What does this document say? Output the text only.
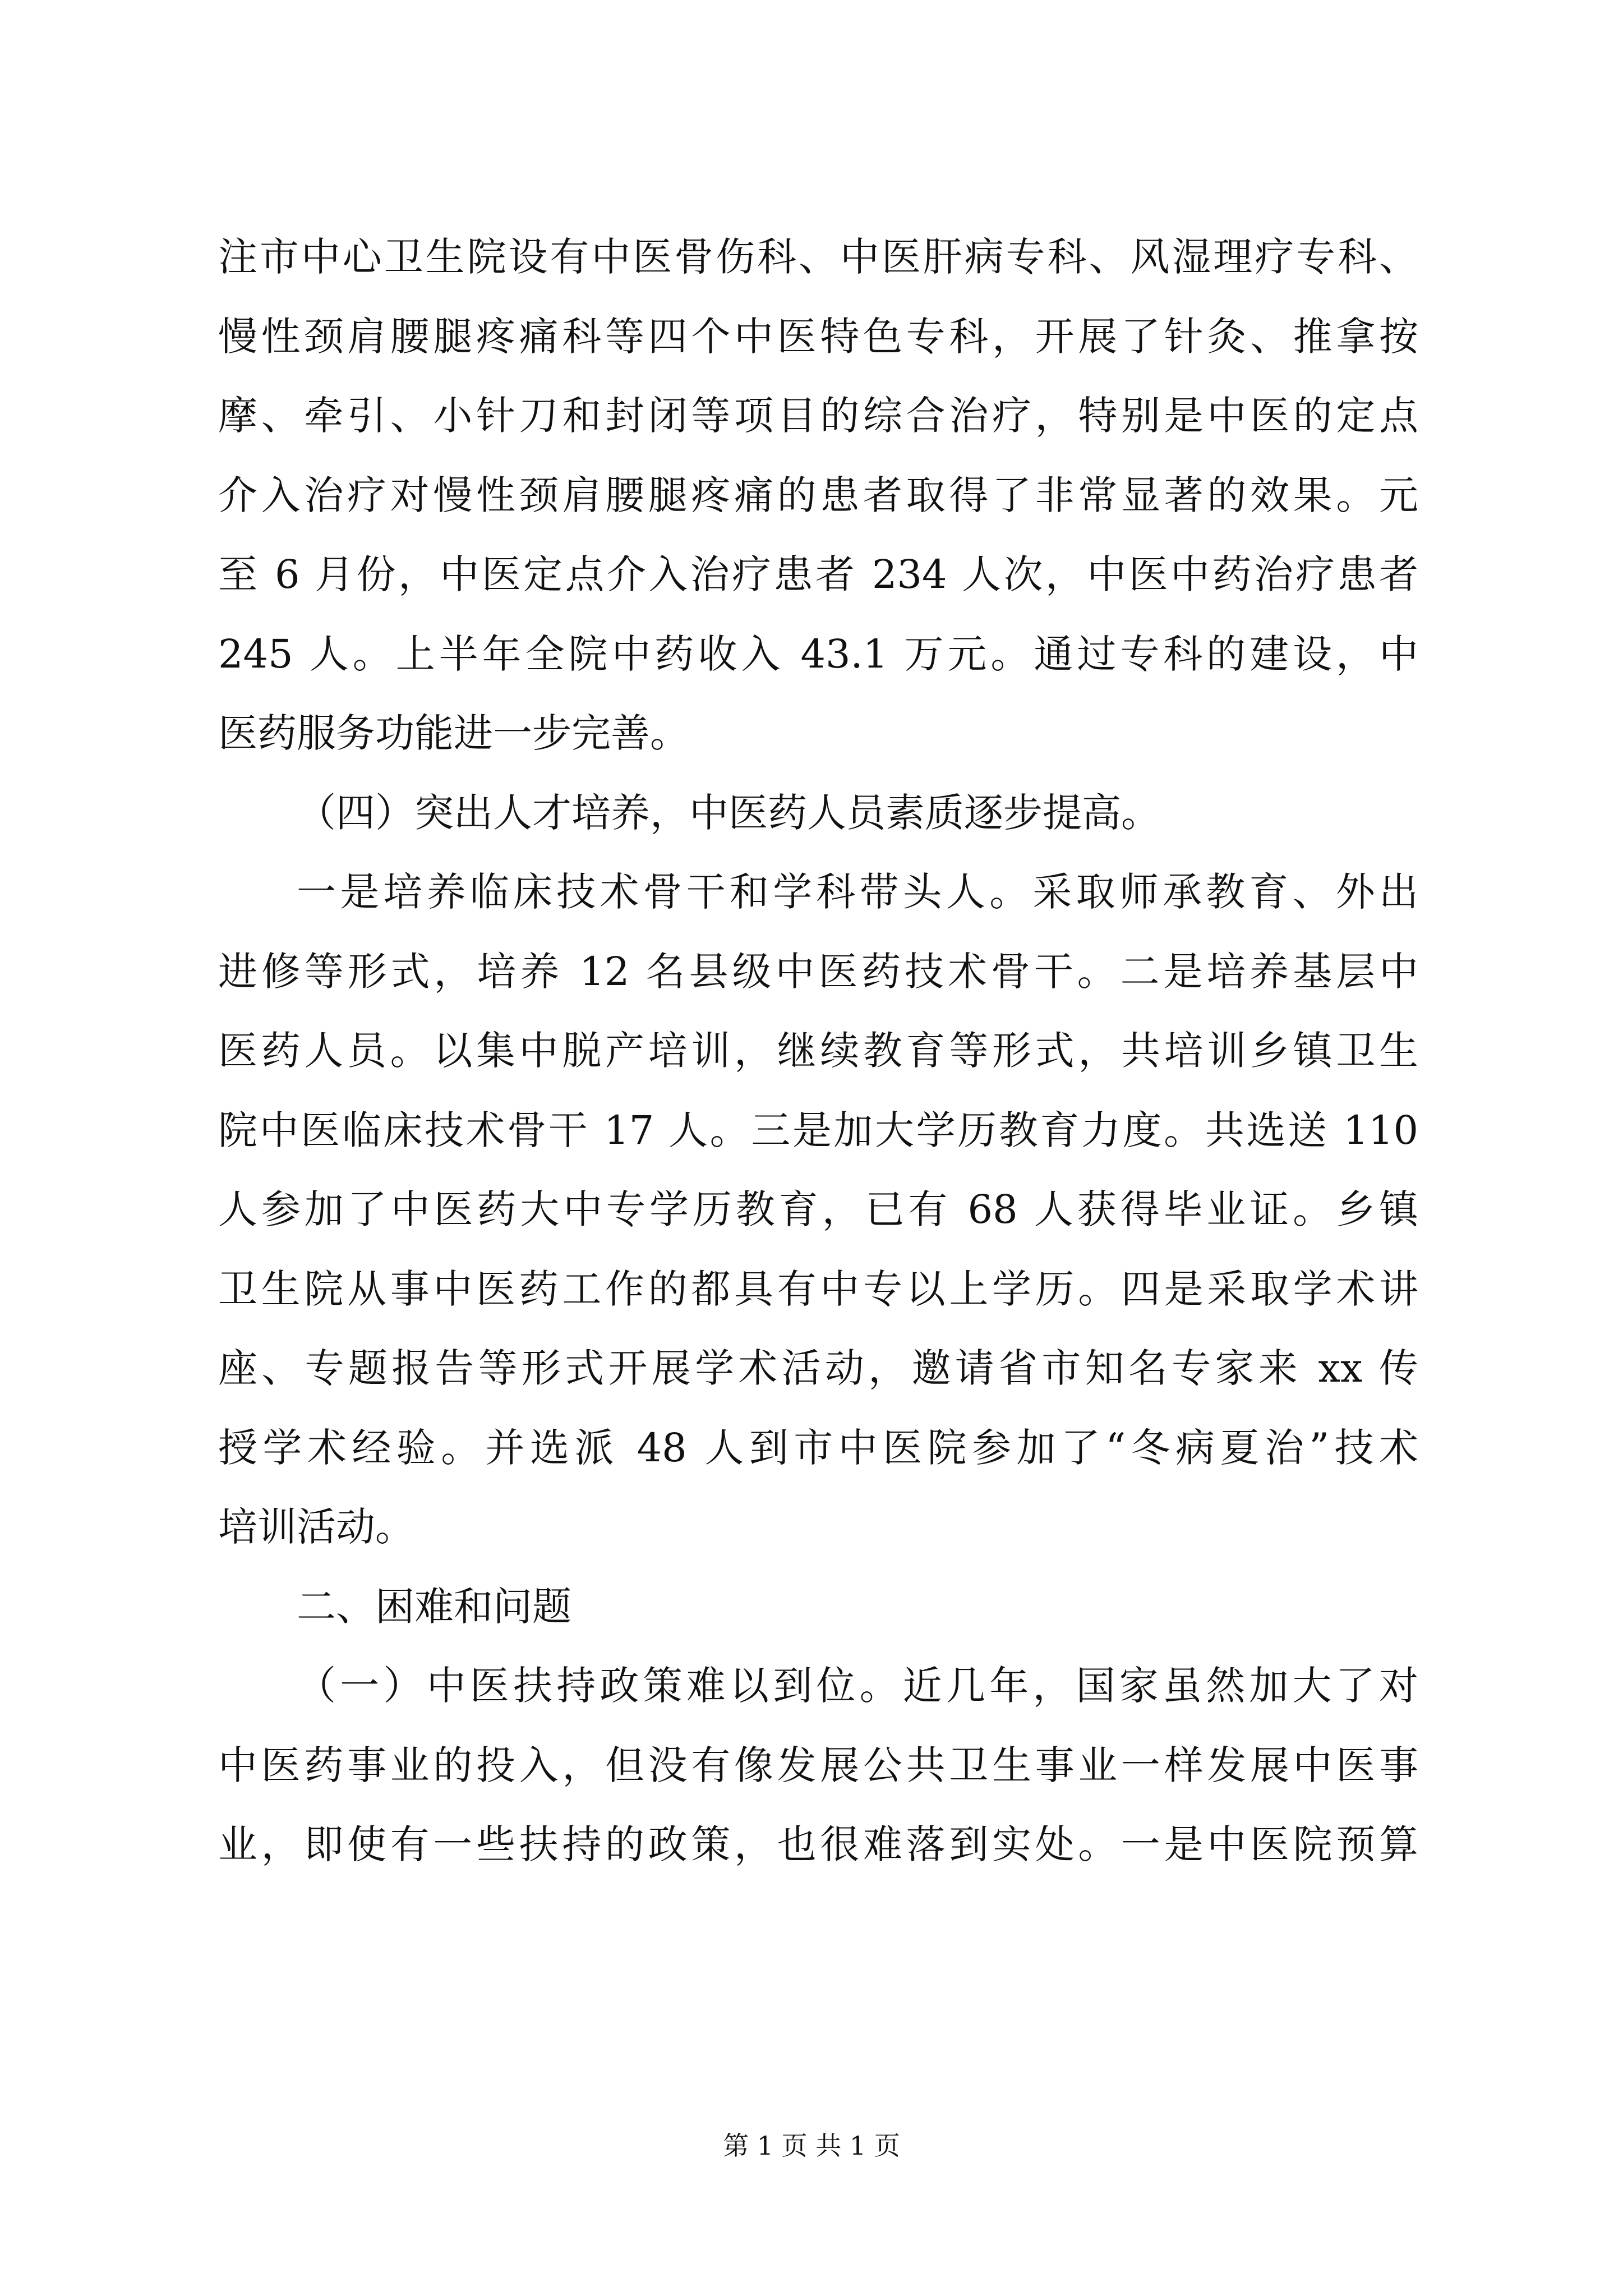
注市中心卫生院设有中医骨伤科、中医肝病专科、风湿理疗专科、
慢性颈肩腰腿疼痛科等四个中医特色专科，开展了针灸、推拿按
摩、牵引、小针刀和封闭等项目的综合治疗，特别是中医的定点
介入治疗对慢性颈肩腰腿疼痛的患者取得了非常显著的效果。元
至 6 月份，中医定点介入治疗患者 234 人次，中医中药治疗患者
245 人。上半年全院中药收入 43.1 万元。通过专科的建设，中
医药服务功能进一步完善。
（四）突出人才培养，中医药人员素质逐步提高。
一是培养临床技术骨干和学科带头人。采取师承教育、外出
进修等形式，培养 12 名县级中医药技术骨干。二是培养基层中
医药人员。以集中脱产培训，继续教育等形式，共培训乡镇卫生
院中医临床技术骨干 17 人。三是加大学历教育力度。共选送 110
人参加了中医药大中专学历教育，已有 68 人获得毕业证。乡镇
卫生院从事中医药工作的都具有中专以上学历。四是采取学术讲
座、专题报告等形式开展学术活动，邀请省市知名专家来 xx 传
授学术经验。并选派 48 人到市中医院参加了“冬病夏治”技术
培训活动。
二、困难和问题
（一）中医扶持政策难以到位。近几年，国家虽然加大了对
中医药事业的投入，但没有像发展公共卫生事业一样发展中医事
业，即使有一些扶持的政策，也很难落到实处。一是中医院预算
第 1 页 共 1 页
